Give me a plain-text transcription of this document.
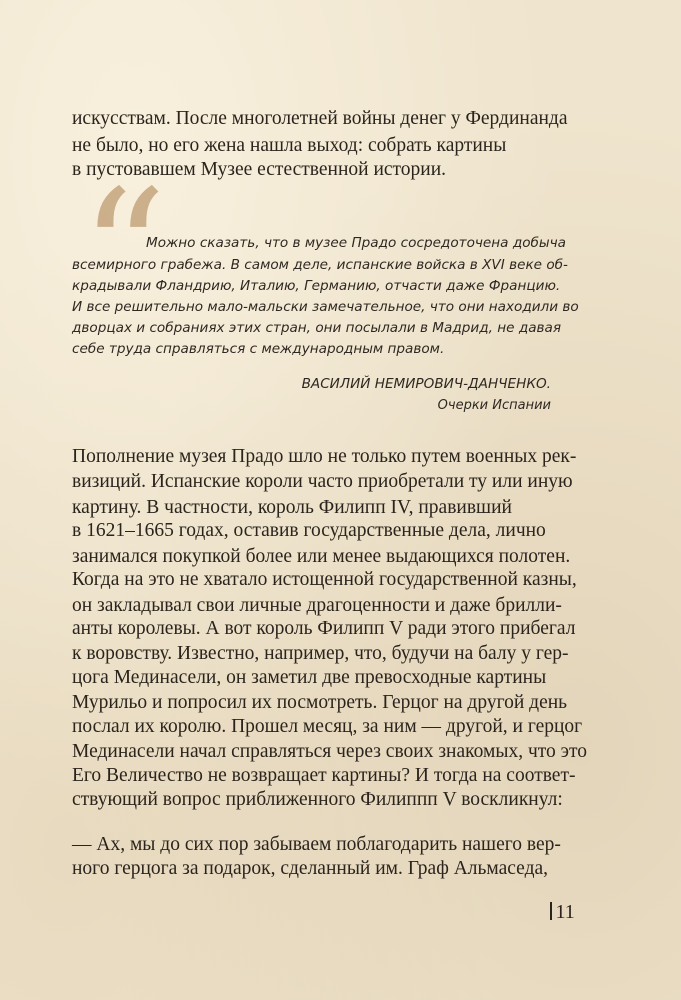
искусствам. После многолетней войны денег у Фердинанда
не было, но его жена нашла выход: собрать картины
в пустовавшем Музее естественной истории.
“
Можно сказать, что в музее Прадо сосредоточена добыча
всемирного грабежа. В самом деле, испанские войска в XVI веке об-
крадывали Фландрию, Италию, Германию, отчасти даже Францию.
И все решительно мало-мальски замечательное, что они находили во
дворцах и собраниях этих стран, они посылали в Мадрид, не давая
себе труда справляться с международным правом.
ВАСИЛИЙ НЕМИРОВИЧ-ДАНЧЕНКО.
Очерки Испании
Пополнение музея Прадо шло не только путем военных рек-
визиций. Испанские короли часто приобретали ту или иную
картину. В частности, король Филипп IV, правивший
в 1621–1665 годах, оставив государственные дела, лично
занимался покупкой более или менее выдающихся полотен.
Когда на это не хватало истощенной государственной казны,
он закладывал свои личные драгоценности и даже брилли-
анты королевы. А вот король Филипп V ради этого прибегал
к воровству. Известно, например, что, будучи на балу у гер-
цога Мединасели, он заметил две превосходные картины
Мурильо и попросил их посмотреть. Герцог на другой день
послал их королю. Прошел месяц, за ним — другой, и герцог
Мединасели начал справляться через своих знакомых, что это
Его Величество не возвращает картины? И тогда на соответ-
ствующий вопрос приближенного Филиппп V воскликнул:
— Ах, мы до сих пор забываем поблагодарить нашего вер-
ного герцога за подарок, сделанный им. Граф Альмаседа,
11
